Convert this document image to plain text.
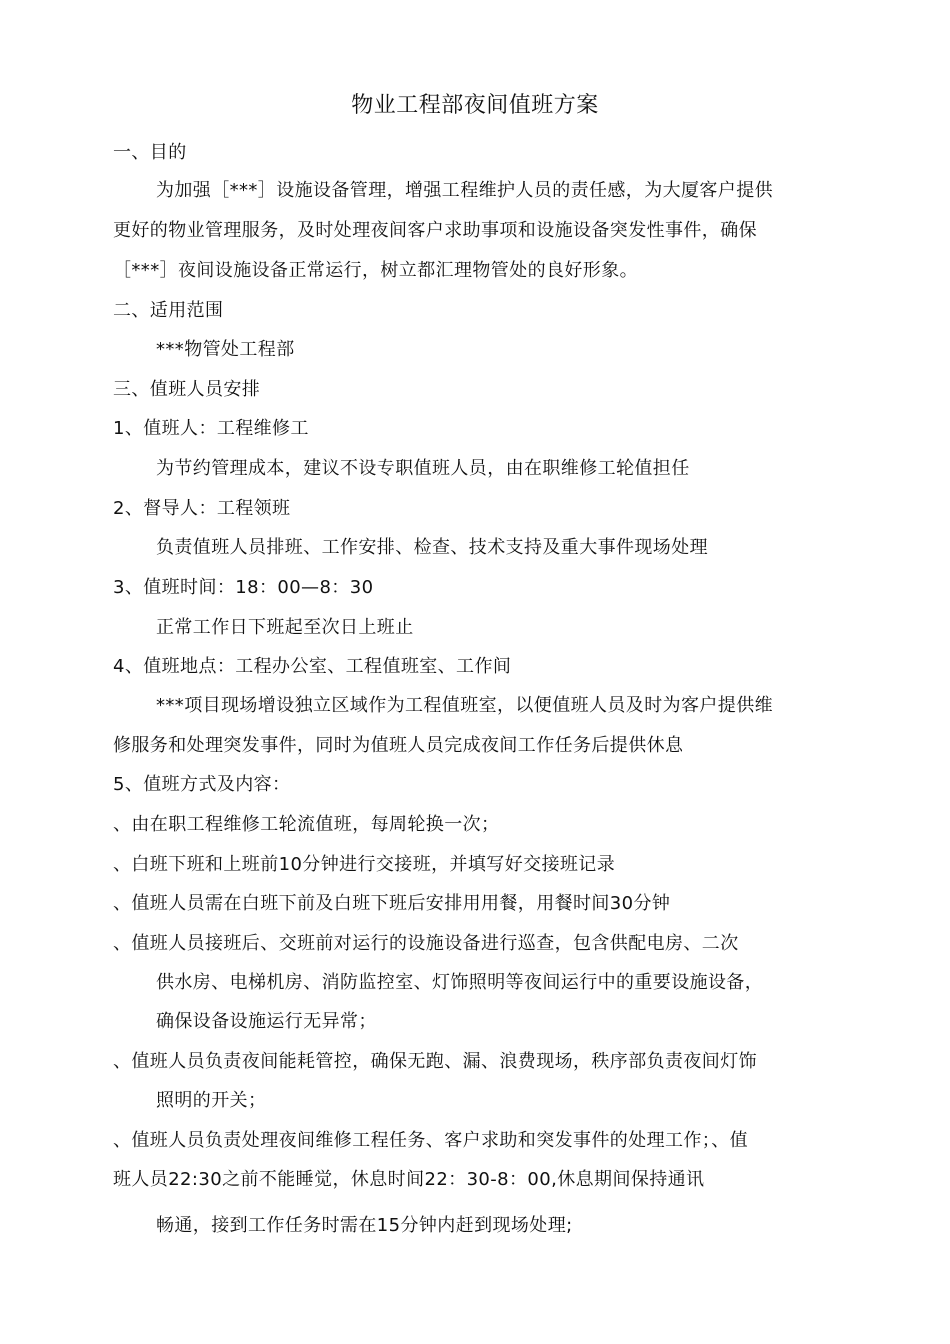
物业工程部夜间值班方案
一、目的
为加强［***］设施设备管理，增强工程维护人员的责任感，为大厦客户提供
更好的物业管理服务，及时处理夜间客户求助事项和设施设备突发性事件，确保
［***］夜间设施设备正常运行，树立都汇理物管处的良好形象。
二、适用范围
***物管处工程部
三、值班人员安排
1、值班人：工程维修工
为节约管理成本，建议不设专职值班人员，由在职维修工轮值担任
2、督导人：工程领班
负责值班人员排班、工作安排、检查、技术支持及重大事件现场处理
3、值班时间：18：00—8：30
正常工作日下班起至次日上班止
4、值班地点：工程办公室、工程值班室、工作间
***项目现场增设独立区域作为工程值班室，以便值班人员及时为客户提供维
修服务和处理突发事件，同时为值班人员完成夜间工作任务后提供休息
5、值班方式及内容：
、由在职工程维修工轮流值班，每周轮换一次；
、白班下班和上班前10分钟进行交接班，并填写好交接班记录
、值班人员需在白班下前及白班下班后安排用用餐，用餐时间30分钟
、值班人员接班后、交班前对运行的设施设备进行巡查，包含供配电房、二次
供水房、电梯机房、消防监控室、灯饰照明等夜间运行中的重要设施设备，
确保设备设施运行无异常；
、值班人员负责夜间能耗管控，确保无跑、漏、浪费现场，秩序部负责夜间灯饰
照明的开关；
、值班人员负责处理夜间维修工程任务、客户求助和突发事件的处理工作；、值
班人员22:30之前不能睡觉，休息时间22：30-8：00,休息期间保持通讯
畅通，接到工作任务时需在15分钟内赶到现场处理;
